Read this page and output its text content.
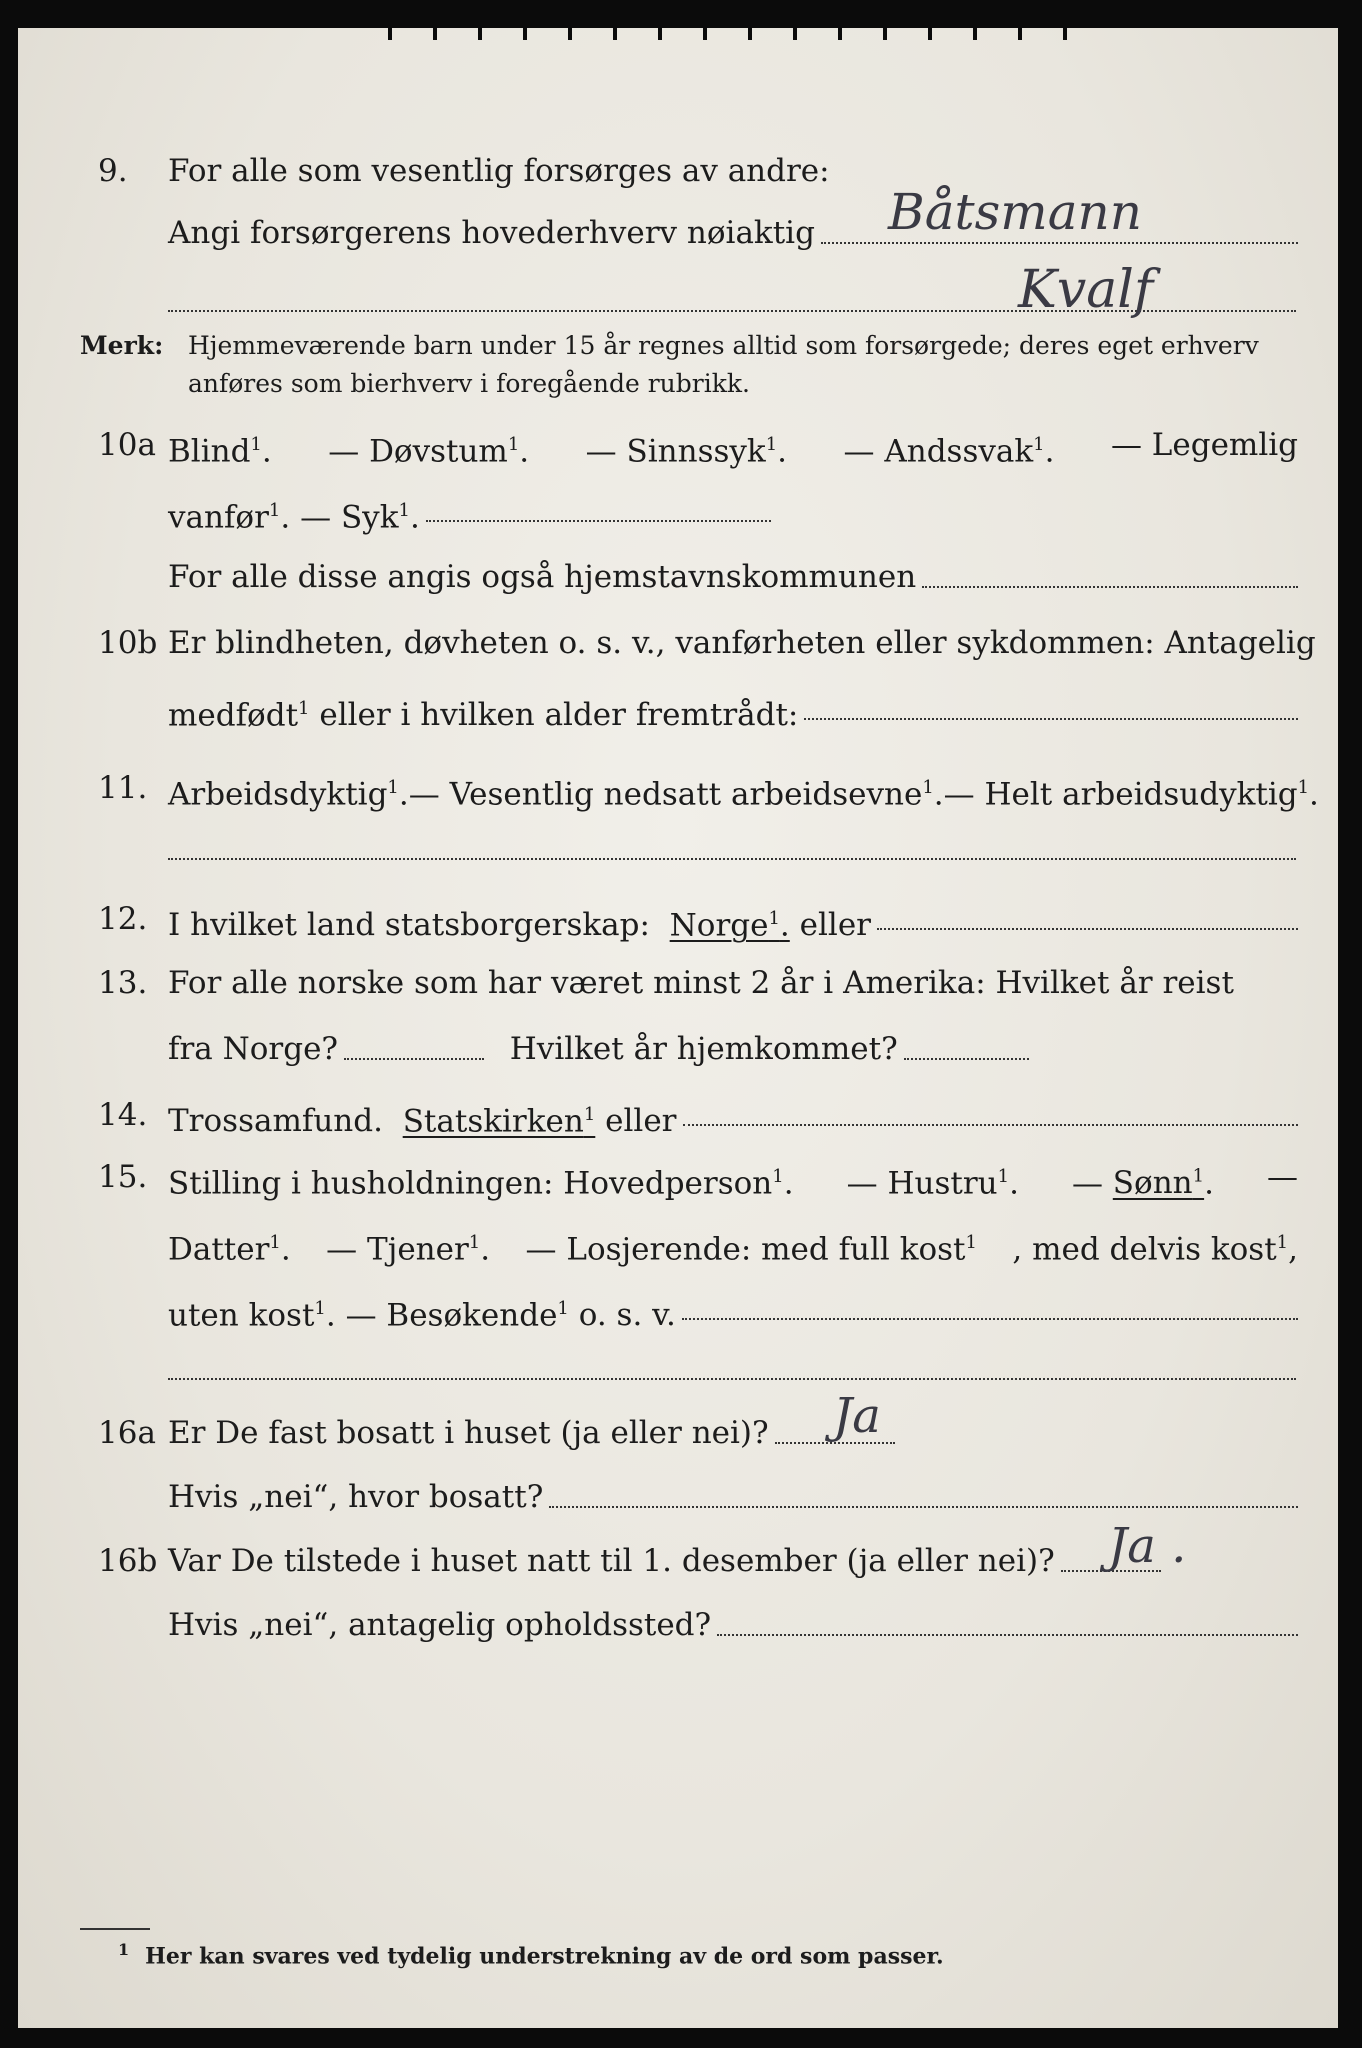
9. For alle som vesentlig forsørges av andre:
Angi forsørgerens hovederhverv nøiaktig Båtsmann
Kvalf
Merk: Hjemmeværende barn under 15 år regnes alltid som forsørgede; deres eget erhverv
anføres som bierhverv i foregående rubrikk.
10a Blind$^1$. — Døvstum$^1$. — Sinnssyk$^1$. — Andssvak$^1$. — Legemlig
vanfør$^1$. — Syk$^1$.
For alle disse angis også hjemstavnskommunen
10b Er blindheten, døvheten o. s. v., vanførheten eller sykdommen: Antagelig
medfødt$^1$ eller i hvilken alder fremtrådt:
11. Arbeidsdyktig$^1$. — Vesentlig nedsatt arbeidsevne$^1$. — Helt arbeidsudyktig$^1$.
12. I hvilket land statsborgerskap:
Norge$^1$.
eller
13. For alle norske som har været minst 2 år i Amerika: Hvilket år reist
fra Norge?
	Hvilket år hjemkommet?
14. Trossamfund.
Statskirken$^1$
eller
15. Stilling i husholdningen: Hovedperson$^1$. — Hustru$^1$. — Sønn$^1$. —
Datter$^1$. — Tjener$^1$. — Losjerende: med full kost$^1$ , med delvis kost$^1$,
uten kost$^1$. — Besøkende$^1$ o. s. v.
16a Er De fast bosatt i huset (ja eller nei)? Ja
Hvis „nei“, hvor bosatt?
16b Var De tilstede i huset natt til 1. desember (ja eller nei)? Ja .
Hvis „nei“, antagelig opholdssted?
$^1$ Her kan svares ved tydelig understrekning av de ord som passer.
